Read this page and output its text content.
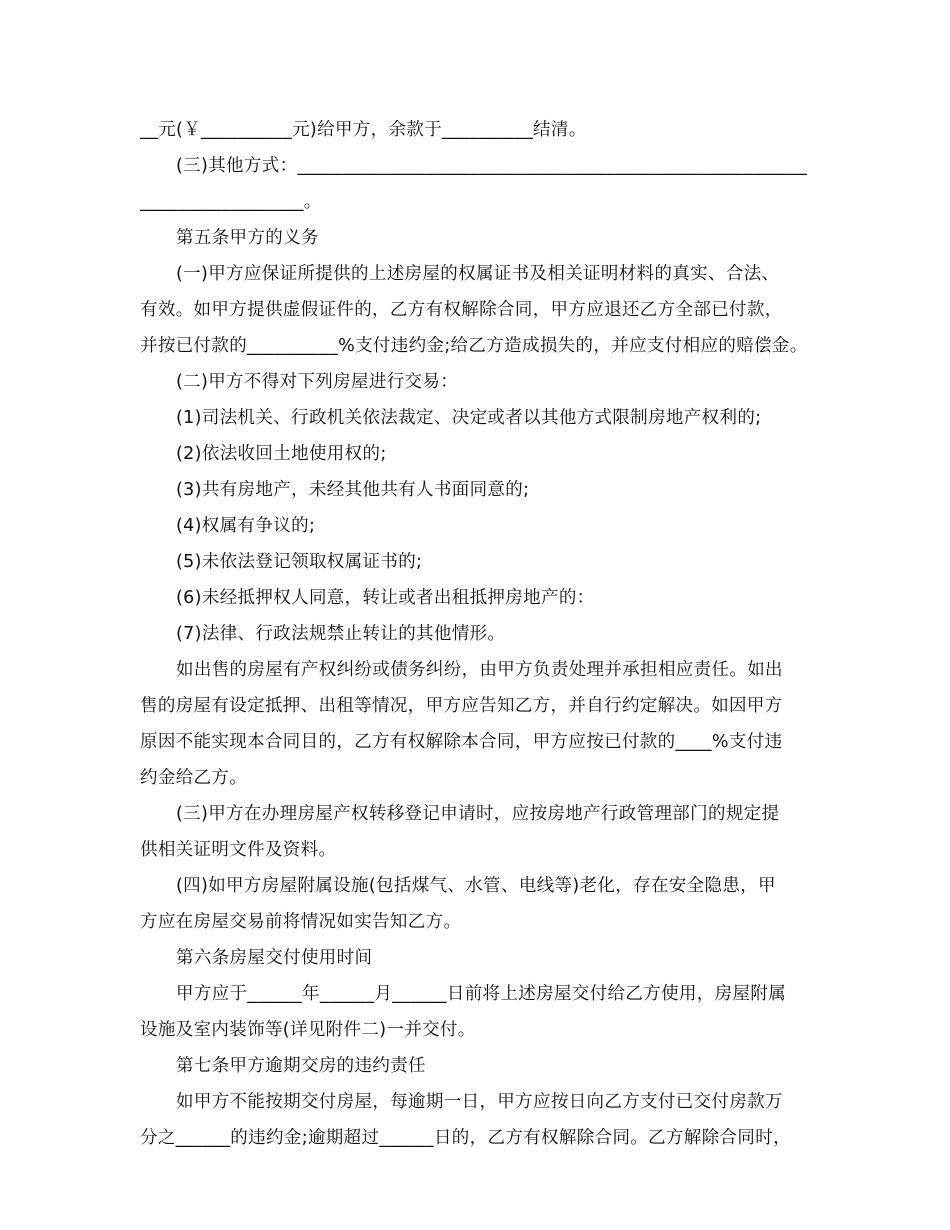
__元(￥__________元)给甲方，余款于__________结清。
(三)其他方式：________________________________________________________
__________________。
第五条甲方的义务
(一)甲方应保证所提供的上述房屋的权属证书及相关证明材料的真实、合法、
有效。如甲方提供虚假证件的，乙方有权解除合同，甲方应退还乙方全部已付款，
并按已付款的__________%支付违约金;给乙方造成损失的，并应支付相应的赔偿金。
(二)甲方不得对下列房屋进行交易：
(1)司法机关、行政机关依法裁定、决定或者以其他方式限制房地产权利的;
(2)依法收回土地使用权的;
(3)共有房地产，未经其他共有人书面同意的;
(4)权属有争议的;
(5)未依法登记领取权属证书的;
(6)未经抵押权人同意，转让或者出租抵押房地产的：
(7)法律、行政法规禁止转让的其他情形。
如出售的房屋有产权纠纷或债务纠纷，由甲方负责处理并承担相应责任。如出
售的房屋有设定抵押、出租等情况，甲方应告知乙方，并自行约定解决。如因甲方
原因不能实现本合同目的，乙方有权解除本合同，甲方应按已付款的____%支付违
约金给乙方。
(三)甲方在办理房屋产权转移登记申请时，应按房地产行政管理部门的规定提
供相关证明文件及资料。
(四)如甲方房屋附属设施(包括煤气、水管、电线等)老化，存在安全隐患，甲
方应在房屋交易前将情况如实告知乙方。
第六条房屋交付使用时间
甲方应于______年______月______日前将上述房屋交付给乙方使用，房屋附属
设施及室内装饰等(详见附件二)一并交付。
第七条甲方逾期交房的违约责任
如甲方不能按期交付房屋，每逾期一日，甲方应按日向乙方支付已交付房款万
分之______的违约金;逾期超过______日的，乙方有权解除合同。乙方解除合同时，
